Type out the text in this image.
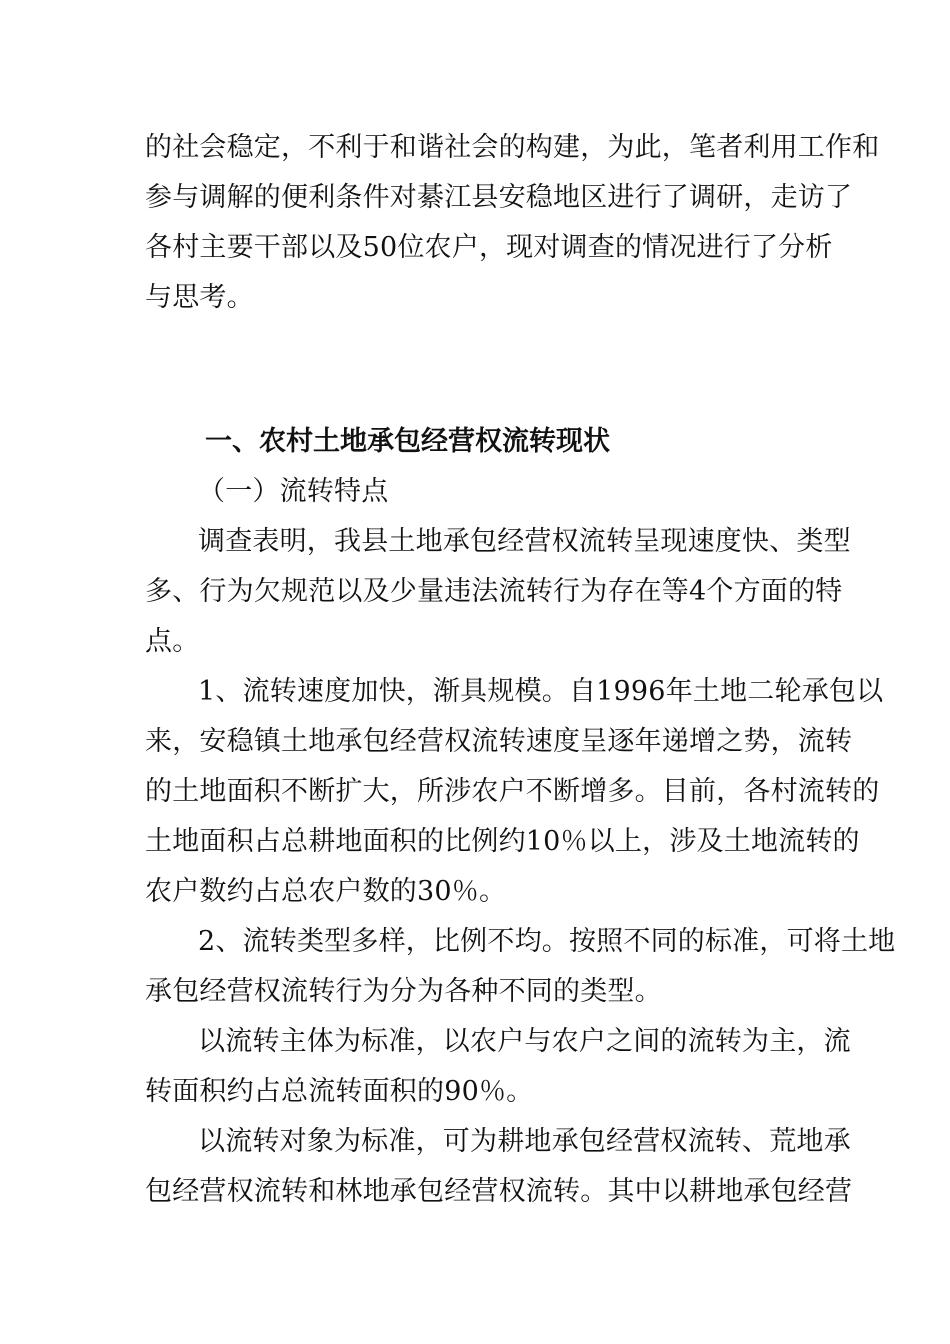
的社会稳定，不利于和谐社会的构建，为此，笔者利用工作和
参与调解的便利条件对綦江县安稳地区进行了调研，走访了
各村主要干部以及50位农户，现对调查的情况进行了分析
与思考。
一、农村土地承包经营权流转现状
（一）流转特点
调查表明，我县土地承包经营权流转呈现速度快、类型
多、行为欠规范以及少量违法流转行为存在等4个方面的特
点。
1、流转速度加快，渐具规模。自1996年土地二轮承包以
来，安稳镇土地承包经营权流转速度呈逐年递增之势，流转
的土地面积不断扩大，所涉农户不断增多。目前，各村流转的
土地面积占总耕地面积的比例约10％以上，涉及土地流转的
农户数约占总农户数的30％。
2、流转类型多样，比例不均。按照不同的标准，可将土地
承包经营权流转行为分为各种不同的类型。
以流转主体为标准，以农户与农户之间的流转为主，流
转面积约占总流转面积的90％。
以流转对象为标准，可为耕地承包经营权流转、荒地承
包经营权流转和林地承包经营权流转。其中以耕地承包经营
